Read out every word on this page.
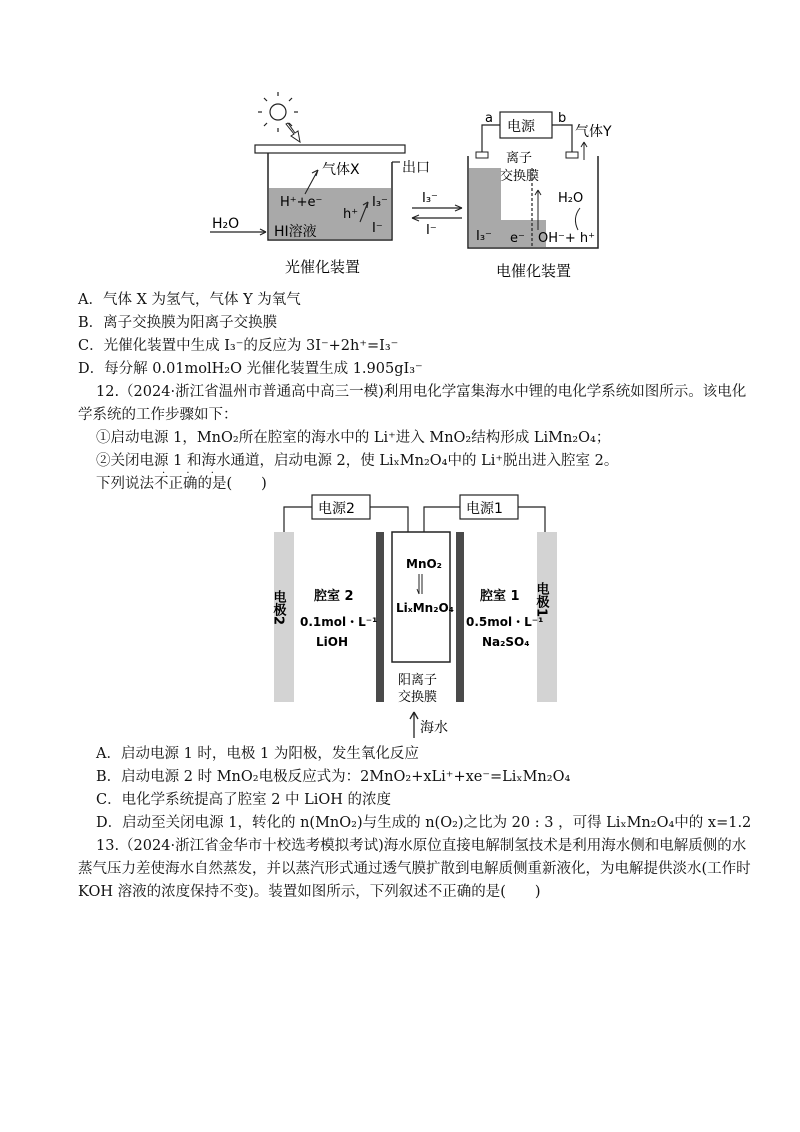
出口
气体X
H⁺+e⁻
h⁺
I₃⁻
I⁻
HI溶液
H₂O
I₃⁻
I⁻
a	b
电源	气体Y
离子
交换膜
H₂O
I₃⁻ e⁻ OH⁻+ h⁺
光催化装置	电催化装置
A．气体 X 为氢气，气体 Y 为氧气
B．离子交换膜为阳离子交换膜
C．光催化装置中生成 I₃⁻的反应为 3I⁻+2h⁺=I₃⁻
D．每分解 0.01molH₂O 光催化装置生成 1.905gI₃⁻
12.（2024·浙江省温州市普通高中高三一模)利用电化学富集海水中锂的电化学系统如图所示。该电化
学系统的工作步骤如下：
①启动电源 1，MnO₂所在腔室的海水中的 Li⁺进入 MnO₂结构形成 LiMn₂O₄；
②关闭电源 1 和海水通道，启动电源 2，使 LiₓMn₂O₄中的 Li⁺脱出进入腔室 2。
下列说法不正确的是(　　)
· · ·
电源2	电源1
电极2	电极1
MnO₂
LiₓMn₂O₄
腔室 2
0.1mol・L⁻¹
LiOH
腔室 1
0.5mol・L⁻¹
Na₂SO₄
阳离子
交换膜
海水
A．启动电源 1 时，电极 1 为阳极，发生氧化反应
B．启动电源 2 时 MnO₂电极反应式为：2MnO₂+xLi⁺+xe⁻=LiₓMn₂O₄
C．电化学系统提高了腔室 2 中 LiOH 的浓度
D．启动至关闭电源 1，转化的 n(MnO₂)与生成的 n(O₂)之比为 20 : 3 ，可得 LiₓMn₂O₄中的 x=1.2
13.（2024·浙江省金华市十校选考模拟考试)海水原位直接电解制氢技术是利用海水侧和电解质侧的水
蒸气压力差使海水自然蒸发，并以蒸汽形式通过透气膜扩散到电解质侧重新液化，为电解提供淡水(工作时
KOH 溶液的浓度保持不变)。装置如图所示，下列叙述不正确的是(　　)
